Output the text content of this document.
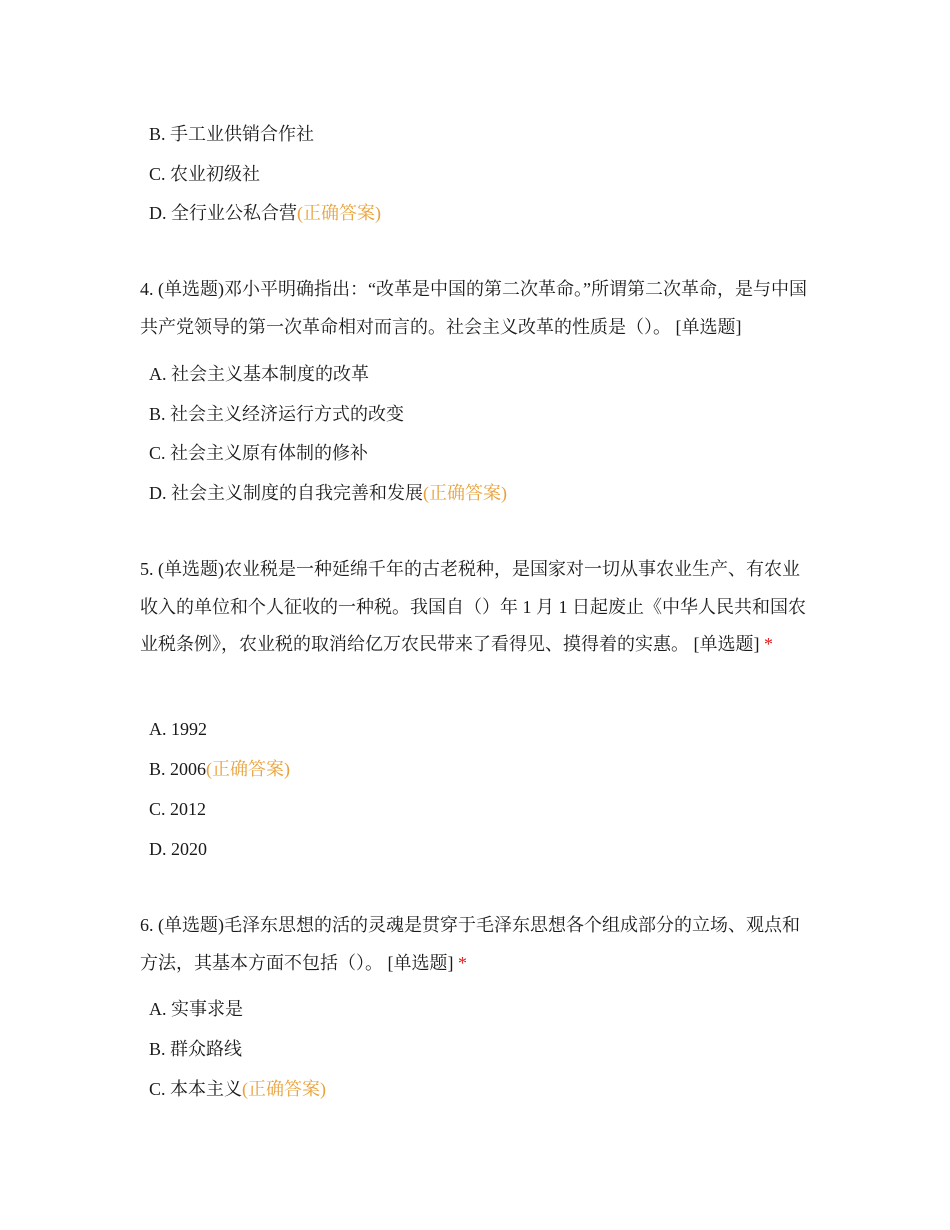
B. 手工业供销合作社
C. 农业初级社
D. 全行业公私合营(正确答案)
4. (单选题)邓小平明确指出：“改革是中国的第二次革命。”所谓第二次革命，是与中国共产党领导的第一次革命相对而言的。社会主义改革的性质是（）。 [单选题]
A. 社会主义基本制度的改革
B. 社会主义经济运行方式的改变
C. 社会主义原有体制的修补
D. 社会主义制度的自我完善和发展(正确答案)
5. (单选题)农业税是一种延绵千年的古老税种，是国家对一切从事农业生产、有农业收入的单位和个人征收的一种税。我国自（）年 1 月 1 日起废止《中华人民共和国农业税条例》，农业税的取消给亿万农民带来了看得见、摸得着的实惠。 [单选题] *
A. 1992
B. 2006(正确答案)
C. 2012
D. 2020
6. (单选题)毛泽东思想的活的灵魂是贯穿于毛泽东思想各个组成部分的立场、观点和方法，其基本方面不包括（）。 [单选题] *
A. 实事求是
B. 群众路线
C. 本本主义(正确答案)
